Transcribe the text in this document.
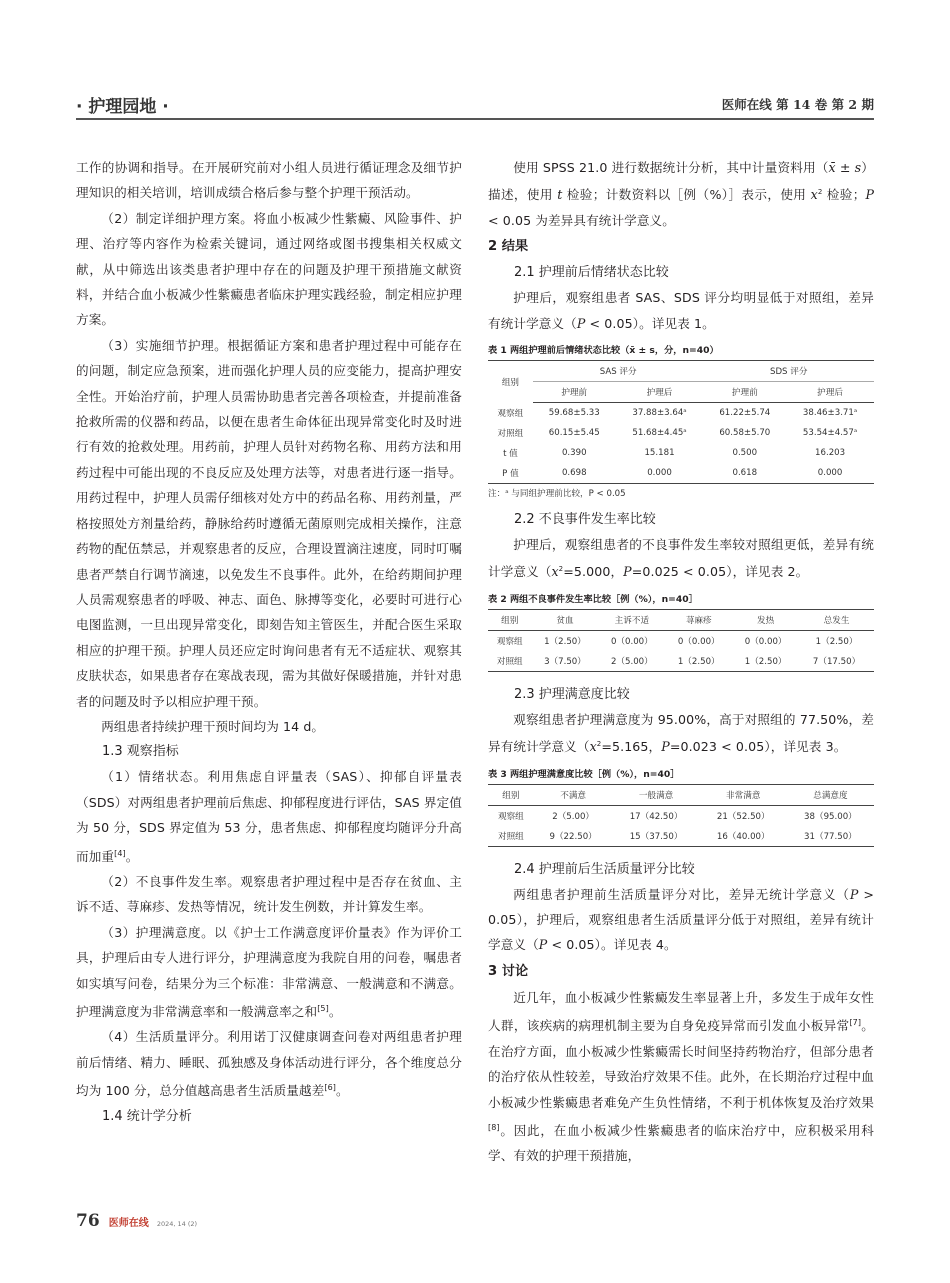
· 护理园地 ·	医师在线 第 14 卷 第 2 期

工作的协调和指导。在开展研究前对小组人员进行循证理念及细节护理知识的相关培训，培训成绩合格后参与整个护理干预活动。

（2）制定详细护理方案。将血小板减少性紫癜、风险事件、护理、治疗等内容作为检索关键词，通过网络或图书搜集相关权威文献，从中筛选出该类患者护理中存在的问题及护理干预措施文献资料，并结合血小板减少性紫癜患者临床护理实践经验，制定相应护理方案。

（3）实施细节护理。根据循证方案和患者护理过程中可能存在的问题，制定应急预案，进而强化护理人员的应变能力，提高护理安全性。开始治疗前，护理人员需协助患者完善各项检查，并提前准备抢救所需的仪器和药品，以便在患者生命体征出现异常变化时及时进行有效的抢救处理。用药前，护理人员针对药物名称、用药方法和用药过程中可能出现的不良反应及处理方法等，对患者进行逐一指导。用药过程中，护理人员需仔细核对处方中的药品名称、用药剂量，严格按照处方剂量给药，静脉给药时遵循无菌原则完成相关操作，注意药物的配伍禁忌，并观察患者的反应，合理设置滴注速度，同时叮嘱患者严禁自行调节滴速，以免发生不良事件。此外，在给药期间护理人员需观察患者的呼吸、神志、面色、脉搏等变化，必要时可进行心电图监测，一旦出现异常变化，即刻告知主管医生，并配合医生采取相应的护理干预。护理人员还应定时询问患者有无不适症状、观察其皮肤状态，如果患者存在寒战表现，需为其做好保暖措施，并针对患者的问题及时予以相应护理干预。

两组患者持续护理干预时间均为 14 d。

1.3 观察指标

（1）情绪状态。利用焦虑自评量表（SAS）、抑郁自评量表（SDS）对两组患者护理前后焦虑、抑郁程度进行评估，SAS 界定值为 50 分，SDS 界定值为 53 分，患者焦虑、抑郁程度均随评分升高而加重[4]。

（2）不良事件发生率。观察患者护理过程中是否存在贫血、主诉不适、荨麻疹、发热等情况，统计发生例数，并计算发生率。

（3）护理满意度。以《护士工作满意度评价量表》作为评价工具，护理后由专人进行评分，护理满意度为我院自用的问卷，嘱患者如实填写问卷，结果分为三个标准：非常满意、一般满意和不满意。护理满意度为非常满意率和一般满意率之和[5]。

（4）生活质量评分。利用诺丁汉健康调查问卷对两组患者护理前后情绪、精力、睡眠、孤独感及身体活动进行评分，各个维度总分均为 100 分，总分值越高患者生活质量越差[6]。

1.4 统计学分析

使用 SPSS 21.0 进行数据统计分析，其中计量资料用（x̄ ± s）描述，使用 t 检验；计数资料以［例（%）］表示，使用 $x^2$ 检验；P < 0.05 为差异具有统计学意义。

2 结果
2.1 护理前后情绪状态比较

护理后，观察组患者 SAS、SDS 评分均明显低于对照组，差异有统计学意义（P < 0.05）。详见表 1。

表 1 两组护理前后情绪状态比较（x̄ ± s，分，n=40）
组别	SAS 评分		SDS 评分	
	护理前	护理后	护理前	护理后
观察组	59.68±5.33	37.88±3.64ᵃ	61.22±5.74	38.46±3.71ᵃ
对照组	60.15±5.45	51.68±4.45ᵃ	60.58±5.70	53.54±4.57ᵃ
t 值	0.390	15.181	0.500	16.203
P 值	0.698	0.000	0.618	0.000
注：ᵃ 与同组护理前比较，P < 0.05
2.2 不良事件发生率比较

护理后，观察组患者的不良事件发生率较对照组更低，差异有统计学意义（$x^2=5.000$，P=0.025 < 0.05），详见表 2。

表 2 两组不良事件发生率比较［例（%），n=40］
组别	贫血	主诉不适	荨麻疹	发热	总发生
观察组	1（2.50）	0（0.00）	0（0.00）	0（0.00）	1（2.50）
对照组	3（7.50）	2（5.00）	1（2.50）	1（2.50）	7（17.50）
2.3 护理满意度比较

观察组患者护理满意度为 95.00%，高于对照组的 77.50%，差异有统计学意义（$x^2=5.165$，P=0.023 < 0.05），详见表 3。

表 3 两组护理满意度比较［例（%），n=40］
组别	不满意	一般满意	非常满意	总满意度
观察组	2（5.00）	17（42.50）	21（52.50）	38（95.00）
对照组	9（22.50）	15（37.50）	16（40.00）	31（77.50）
2.4 护理前后生活质量评分比较

两组患者护理前生活质量评分对比，差异无统计学意义（P > 0.05），护理后，观察组患者生活质量评分低于对照组，差异有统计学意义（P < 0.05）。详见表 4。

3 讨论

近几年，血小板减少性紫癜发生率显著上升，多发生于成年女性人群，该疾病的病理机制主要为自身免疫异常而引发血小板异常[7]。在治疗方面，血小板减少性紫癜需长时间坚持药物治疗，但部分患者的治疗依从性较差，导致治疗效果不佳。此外，在长期治疗过程中血小板减少性紫癜患者难免产生负性情绪，不利于机体恢复及治疗效果[8]。因此，在血小板减少性紫癜患者的临床治疗中，应积极采用科学、有效的护理干预措施，

76 医师在线 2024, 14 (2)
